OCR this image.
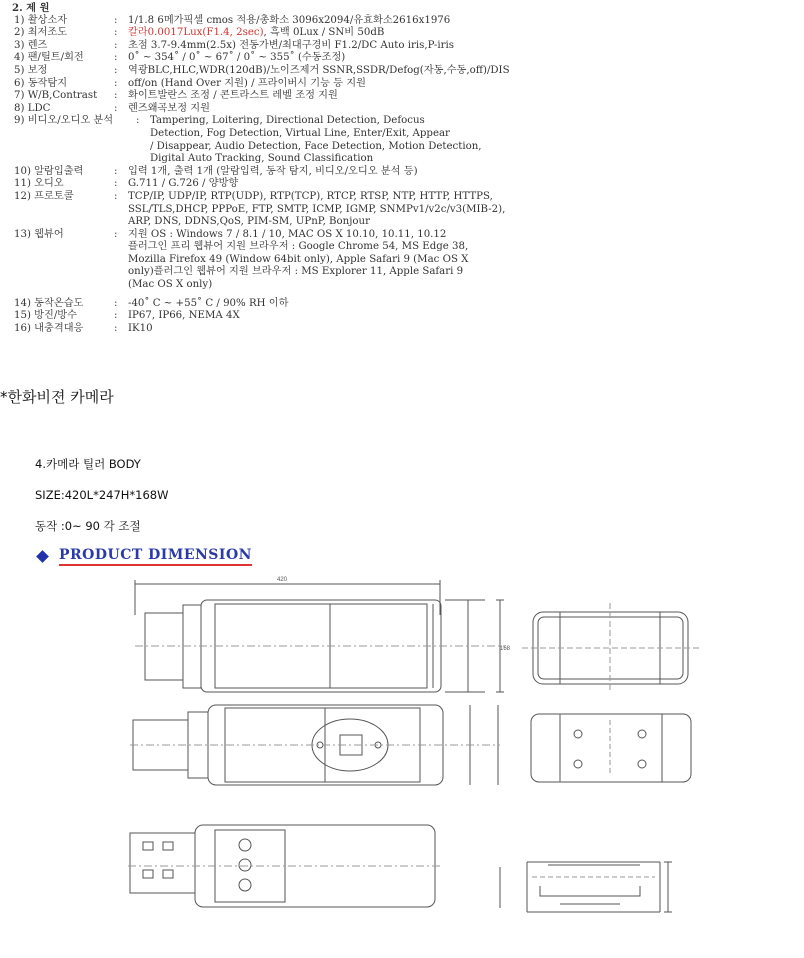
2. 제 원
1) 촬상소자	:	1/1.8 6메가픽셀 cmos 적용/총화소 3096x2094/유효화소2616x1976
2) 최저조도	:	칼라0.0017Lux(F1.4, 2sec), 흑백 0Lux / SN비 50dB
3) 렌즈	:	초점 3.7-9.4mm(2.5x) 전동가변/최대구경비 F1.2/DC Auto iris,P-iris
4) 팬/틸트/회전	:	0˚ ~ 354˚ / 0˚ ~ 67˚ / 0˚ ~ 355˚ (수동조정)
5) 보정	:	역광BLC,HLC,WDR(120dB)/노이즈제거 SSNR,SSDR/Defog(자동,수동,off)/DIS
6) 동작탐지	:	off/on (Hand Over 지원) / 프라이버시 기능 등 지원
7) W/B,Contrast	:	화이트발란스 조정 / 콘트라스트 레벨 조정 지원
8) LDC	:	렌즈왜곡보정 지원
9) 비디오/오디오 분석	:	Tampering, Loitering, Directional Detection, Defocus
Detection, Fog Detection, Virtual Line, Enter/Exit, Appear
/ Disappear, Audio Detection, Face Detection, Motion Detection,
Digital Auto Tracking, Sound Classification
10) 알람입출력	:	입력 1개, 출력 1개 (알람입력, 동작 탐지, 비디오/오디오 분석 등)
11) 오디오	:	G.711 / G.726 / 양방향
12) 프로토콜	:	TCP/IP, UDP/IP, RTP(UDP), RTP(TCP), RTCP, RTSP, NTP, HTTP, HTTPS,
SSL/TLS,DHCP, PPPoE, FTP, SMTP, ICMP, IGMP, SNMPv1/v2c/v3(MIB-2),
ARP, DNS, DDNS,QoS, PIM-SM, UPnP, Bonjour
13) 웹뷰어	:	지원 OS : Windows 7 / 8.1 / 10, MAC OS X 10.10, 10.11, 10.12
플러그인 프리 웹뷰어 지원 브라우저 : Google Chrome 54, MS Edge 38,
Mozilla Firefox 49 (Window 64bit only), Apple Safari 9 (Mac OS X
only)플러그인 웹뷰어 지원 브라우저 : MS Explorer 11, Apple Safari 9
(Mac OS X only)
14) 동작온습도	:	-40˚ C ~ +55˚ C / 90% RH 이하
15) 방진/방수	:	IP67, IP66, NEMA 4X
16) 내충격대응	:	IK10
*한화비젼 카메라
4.카메라 틸러 BODY
SIZE:420L*247H*168W
동작 :0~ 90 각 조절
PRODUCT DIMENSION
420
168
